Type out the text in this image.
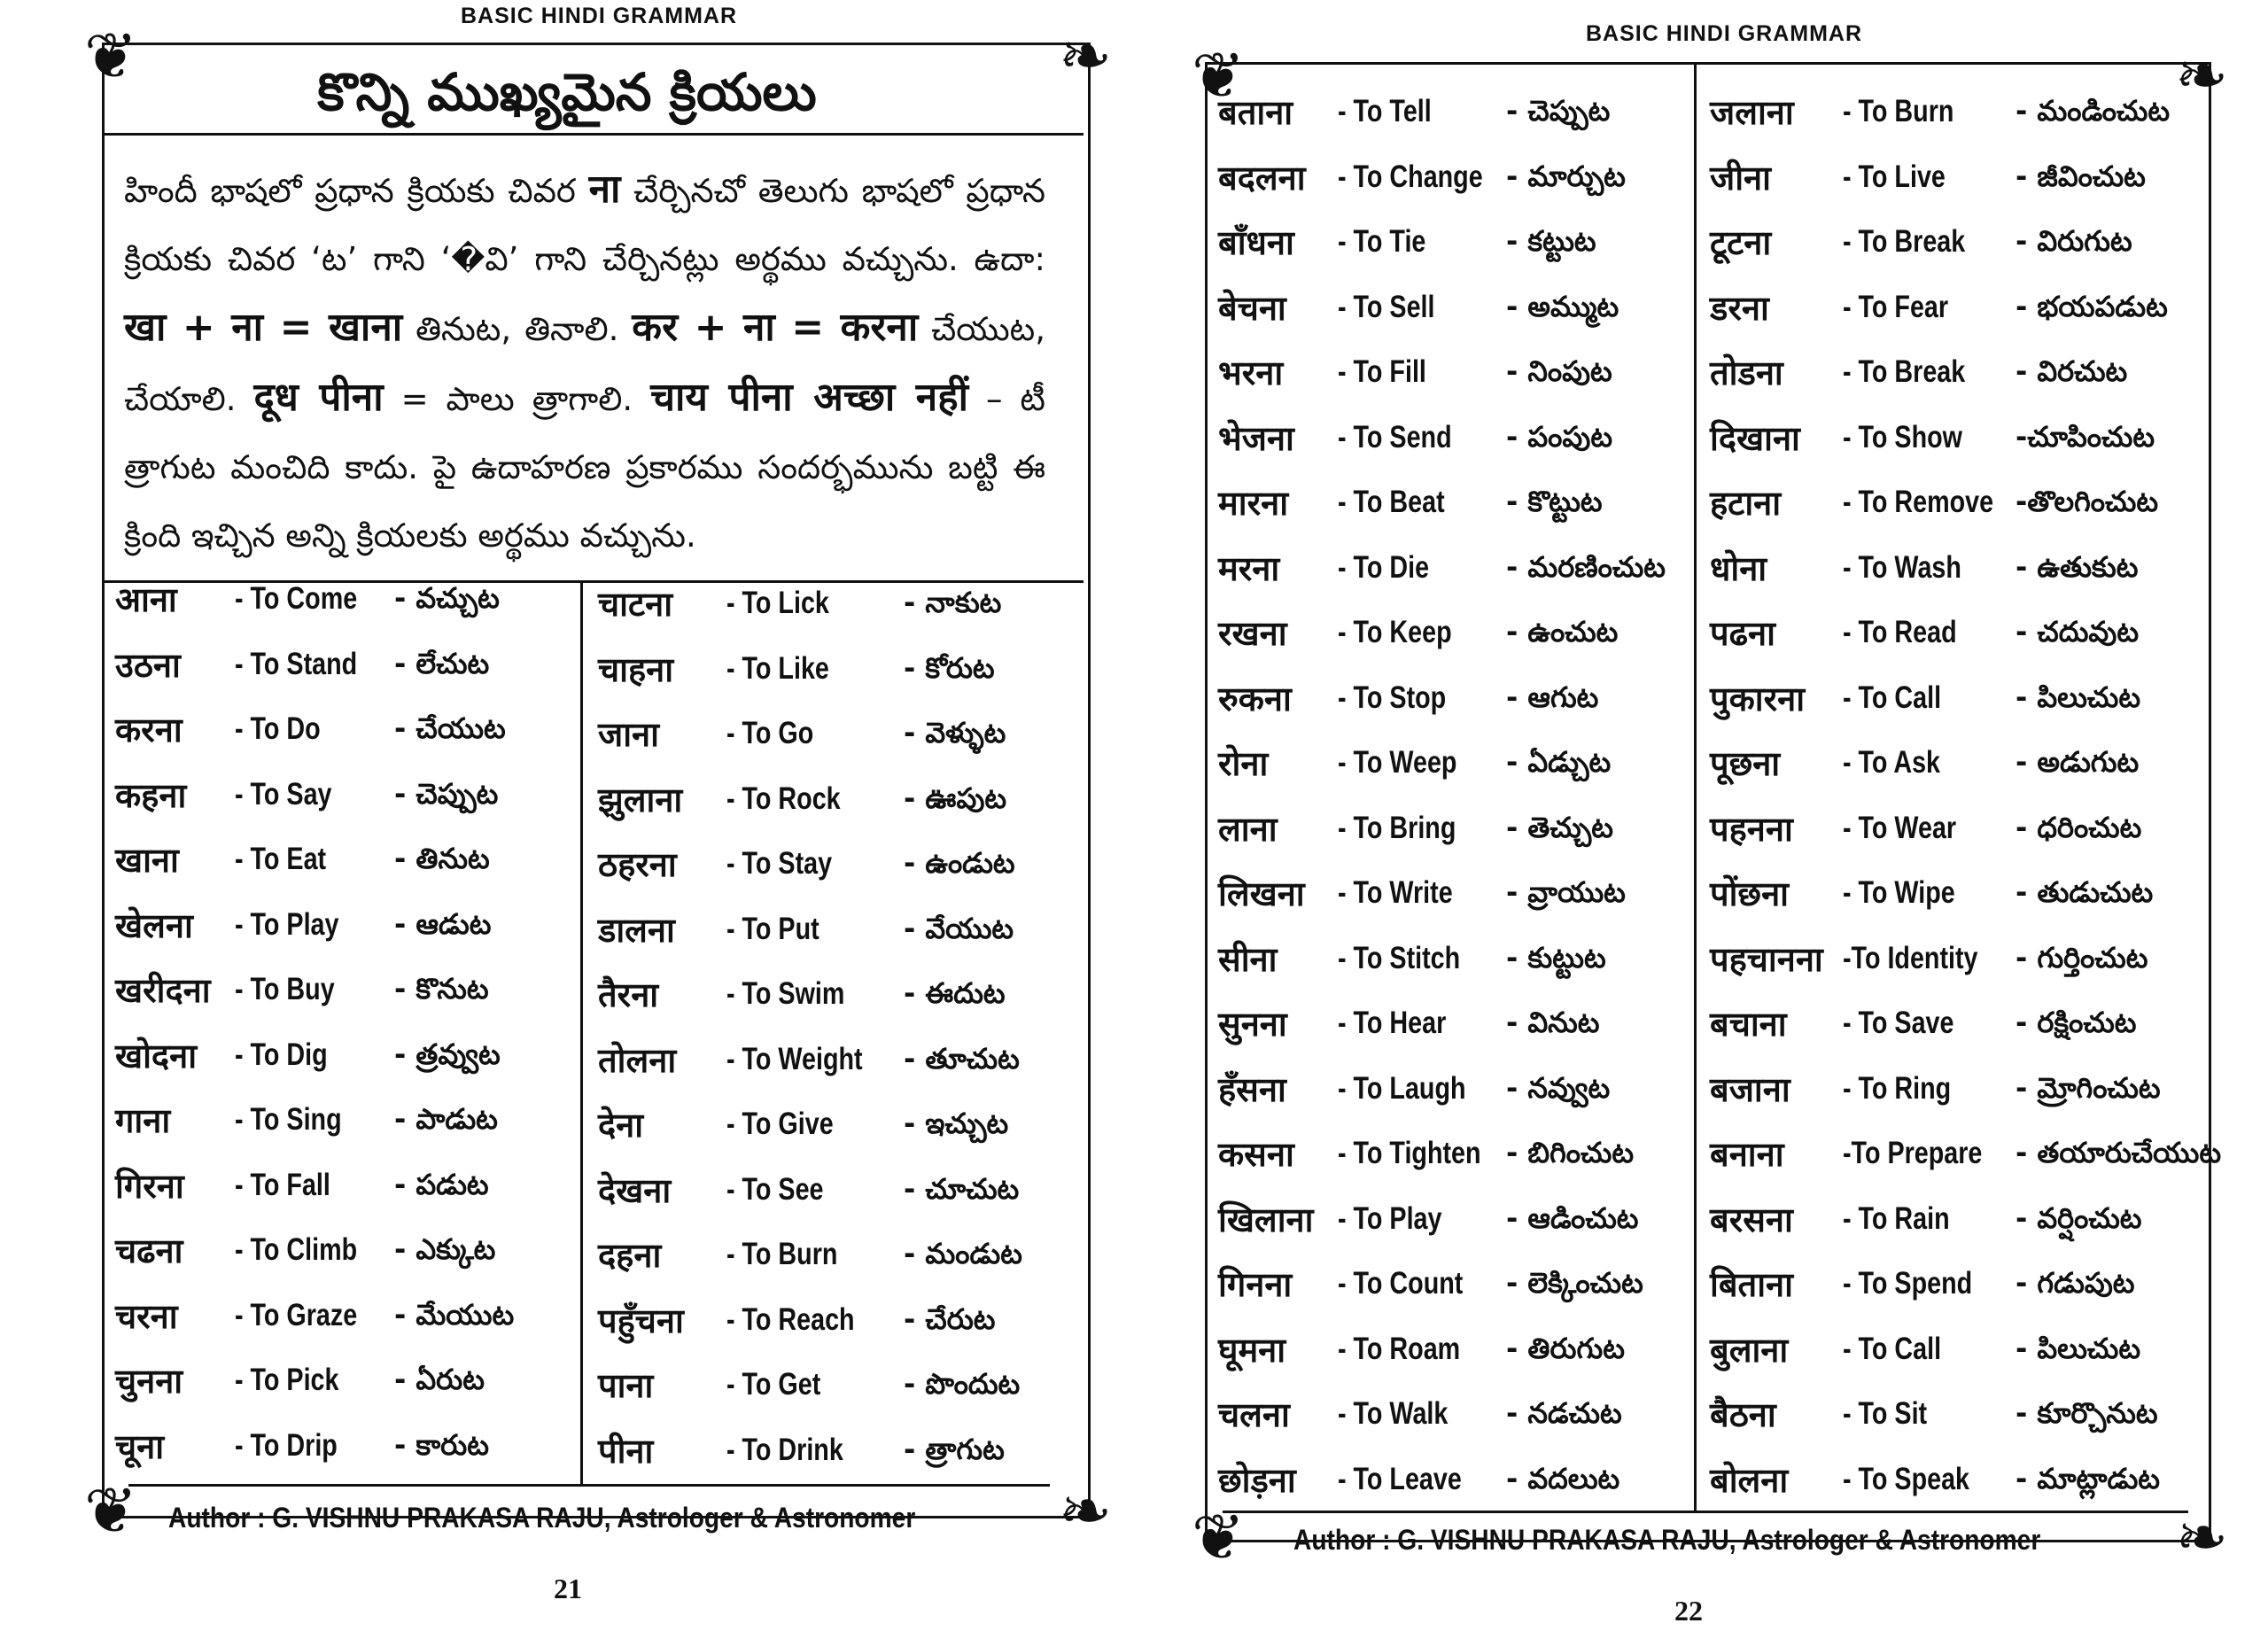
BASIC HINDI GRAMMAR
❦	❧
❦	❧
కొన్ని ముఖ్యమైన క్రియలు
హిందీ భాషలో ప్రధాన క్రియకు చివర ना చేర్చినచో తెలుగు భాషలో ప్రధాన క్రియకు చివర ‘ట’ గాని ‘�వి’ గాని చేర్చినట్లు అర్థము వచ్చును. ఉదా: खा + ना = खाना తినుట, తినాలి. कर + ना = करना చేయుట, చేయాలి. दूध पीना = పాలు త్రాగాలి. चाय पीना अच्छा नहीं – టీ త్రాగుట మంచిది కాదు. పై ఉదాహరణ ప్రకారము సందర్భమును బట్టి ఈ క్రింది ఇచ్చిన అన్ని క్రియలకు అర్థము వచ్చును.
आना - To Come - వచ్చుట
उठना - To Stand - లేచుట
करना - To Do	- చేయుట
कहना - To Say - చెప్పుట
खाना - To Eat - తినుట
खेलना - To Play - ఆడుట
खरीदना - To Buy - కొనుట
खोदना - To Dig - త్రవ్వుట
गाना - To Sing - పాడుట
गिरना - To Fall - పడుట
चढना - To Climb - ఎక్కుట
चरना - To Graze - మేయుట
चुनना - To Pick - ఏరుట
चूना - To Drip - కారుట
चाटना - To Lick	- నాకుట
चाहना - To Like	- కోరుట
जाना - To Go	- వెళ్ళుట
झुलाना - To Rock - ఊపుట
ठहरना - To Stay	- ఉండుట
डालना - To Put	- వేయుట
तैरना - To Swim - ఈదుట
तोलना - To Weight - తూచుట
देना	- To Give - ఇచ్చుట
देखना - To See	- చూచుట
दहना - To Burn - మండుట
पहुँचना - To Reach - చేరుట
पाना - To Get	- పొందుట
पीना - To Drink - త్రాగుట
Author : G. VISHNU PRAKASA RAJU, Astrologer & Astronomer
21
BASIC HINDI GRAMMAR
❦	❧
❦	❧
बताना - To Tell	- చెప్పుట
बदलना - To Change - మార్చుట
बाँधना - To Tie	- కట్టుట
बेचना - To Sell	- అమ్ముట
भरना - To Fill	- నింపుట
भेजना - To Send - పంపుట
मारना - To Beat - కొట్టుట
मरना - To Die	- మరణించుట
रखना - To Keep - ఉంచుట
रुकना - To Stop - ఆగుట
रोना - To Weep - ఏడ్చుట
लाना - To Bring - తెచ్చుట
लिखना - To Write - వ్రాయుట
सीना - To Stitch - కుట్టుట
सुनना - To Hear - వినుట
हँसना - To Laugh - నవ్వుట
कसना - To Tighten - బిగించుట
खिलाना - To Play - ఆడించుట
गिनना - To Count - లెక్కించుట
घूमना - To Roam - తిరుగుట
चलना - To Walk - నడచుట
छोड़ना - To Leave - వదలుట
जलाना - To Burn - మండించుట
जीना - To Live - జీవించుట
टूटना - To Break - విరుగుట
डरना - To Fear - భయపడుట
तोडना - To Break - విరచుట
दिखाना - To Show -చూపించుట
हटाना - To Remove -తొలగించుట
धोना - To Wash - ఉతుకుట
पढना - To Read - చదువుట
पुकारना - To Call	- పిలుచుట
पूछना - To Ask	- అడుగుట
पहनना - To Wear - ధరించుట
पोंछना - To Wipe - తుడుచుట
पहचानना -To Identity - గుర్తించుట
बचाना - To Save - రక్షించుట
बजाना - To Ring - మ్రోగించుట
बनाना -To Prepare - తయారుచేయుట
बरसना - To Rain - వర్షించుట
बिताना - To Spend - గడుపుట
बुलाना - To Call	- పిలుచుట
बैठना - To Sit	- కూర్చొనుట
बोलना - To Speak - మాట్లాడుట
Author : G. VISHNU PRAKASA RAJU, Astrologer & Astronomer
22
